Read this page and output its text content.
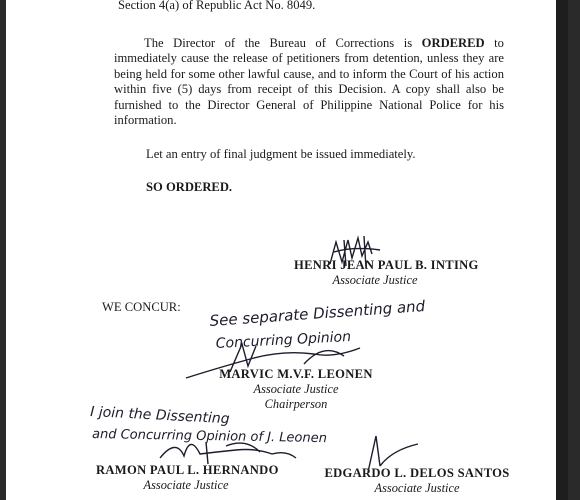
Section 4(a) of Republic Act No. 8049.
The Director of the Bureau of Corrections is ORDERED to immediately cause the release of petitioners from detention, unless they are being held for some other lawful cause, and to inform the Court of his action within five (5) days from receipt of this Decision. A copy shall also be furnished to the Director General of Philippine National Police for his information.
Let an entry of final judgment be issued immediately.
SO ORDERED.
HENRI JEAN PAUL B. INTING
Associate Justice
WE CONCUR: See separate Dissenting and
Concurring Opinion
MARVIC M.V.F. LEONEN
Associate Justice
Chairperson
I join the Dissenting
and Concurring Opinion of J. Leonen
RAMON PAUL L. HERNANDO
Associate Justice
EDGARDO L. DELOS SANTOS
Associate Justice
